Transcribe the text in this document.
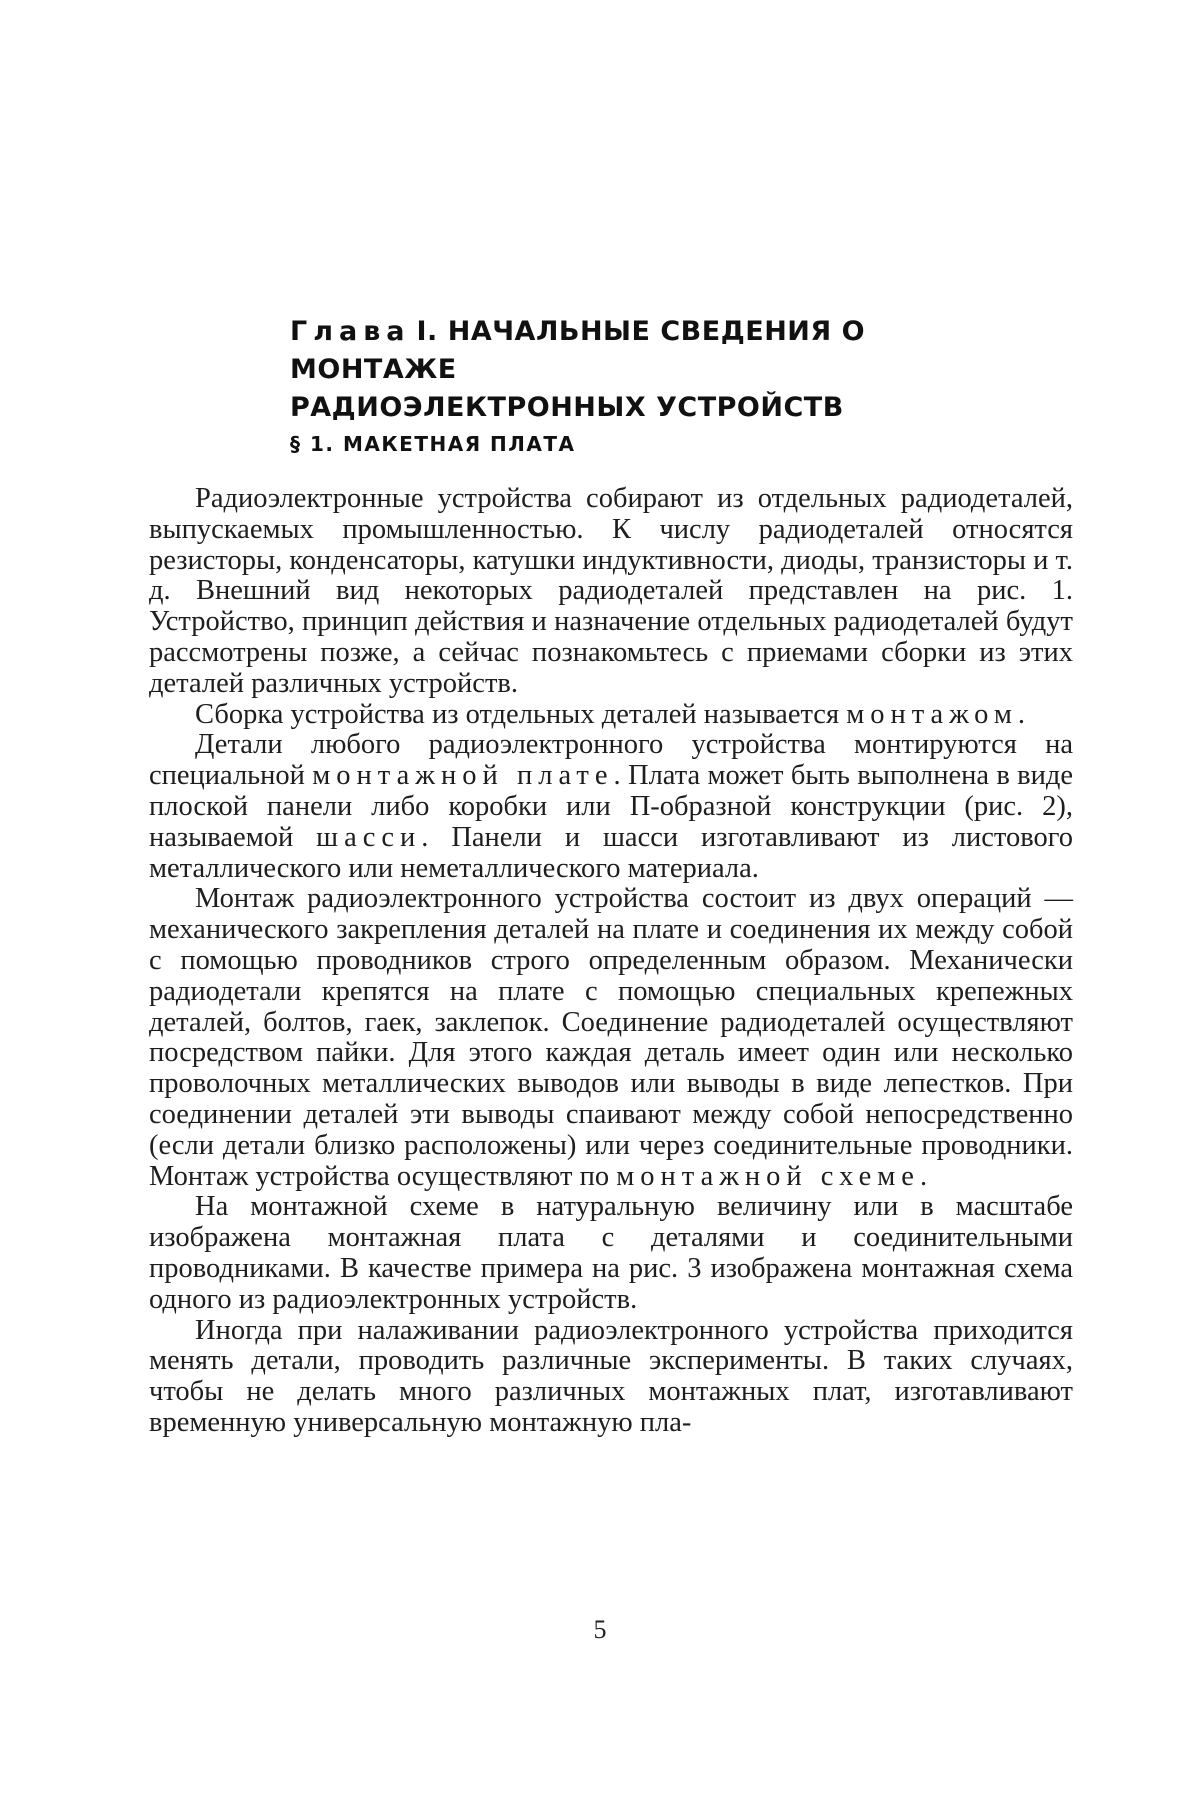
Глава I. НАЧАЛЬНЫЕ СВЕДЕНИЯ О МОНТАЖЕ
РАДИОЭЛЕКТРОННЫХ УСТРОЙСТВ
§ 1. МАКЕТНАЯ ПЛАТА

Радиоэлектронные устройства собирают из отдельных радиодеталей, выпускаемых промышленностью. К числу радиодеталей относятся резисторы, конденсаторы, катушки индуктивности, диоды, транзисторы и т. д. Внешний вид некоторых радиодеталей представлен на рис. 1. Устройство, принцип действия и назначение отдельных радиодеталей будут рассмотрены позже, а сейчас познакомьтесь с приемами сборки из этих деталей различных устройств.

Сборка устройства из отдельных деталей называется монтажом.

Детали любого радиоэлектронного устройства монтируются на специальной монтажной плате. Плата может быть выполнена в виде плоской панели либо коробки или П-образной конструкции (рис. 2), называемой шасси. Панели и шасси изготавливают из листового металлического или неметаллического материала.

Монтаж радиоэлектронного устройства состоит из двух операций — механического закрепления деталей на плате и соединения их между собой с помощью проводников строго определенным образом. Механически радиодетали крепятся на плате с помощью специальных крепежных деталей, болтов, гаек, заклепок. Соединение радиодеталей осуществляют посредством пайки. Для этого каждая деталь имеет один или несколько проволочных металлических выводов или выводы в виде лепестков. При соединении деталей эти выводы спаивают между собой непосредственно (если детали близко расположены) или через соединительные проводники. Монтаж устройства осуществляют по монтажной схеме.

На монтажной схеме в натуральную величину или в масштабе изображена монтажная плата с деталями и соединительными проводниками. В качестве примера на рис. 3 изображена монтажная схема одного из радиоэлектронных устройств.

Иногда при налаживании радиоэлектронного устройства приходится менять детали, проводить различные эксперименты. В таких случаях, чтобы не делать много различных монтажных плат, изготавливают временную универсальную монтажную пла-

5
